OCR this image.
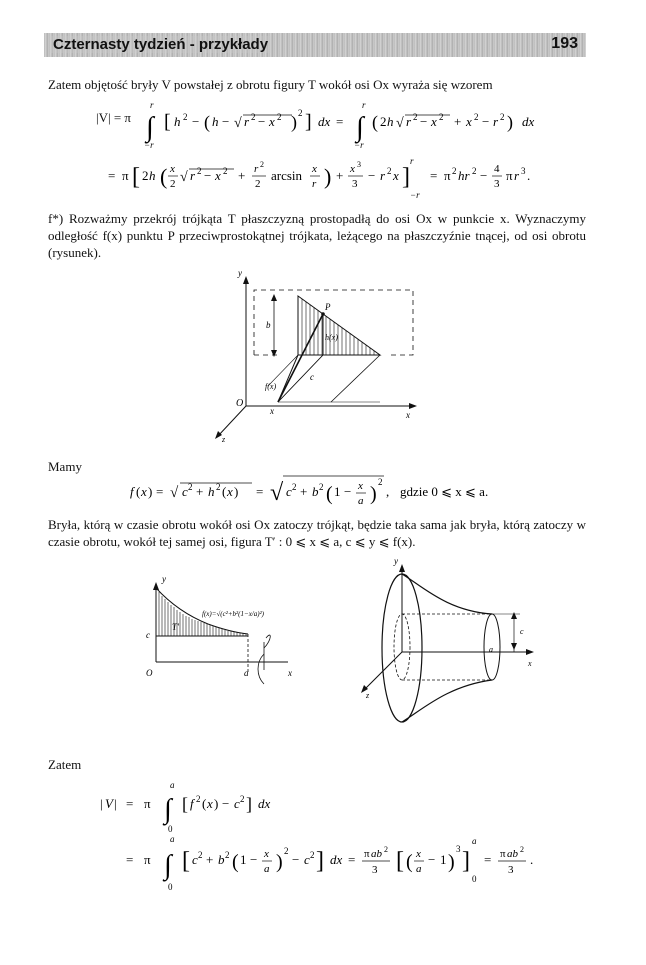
Czternasty tydzień - przykłady	193
Zatem objętość bryły V powstałej z obrotu figury T wokół osi Ox wyraża się wzorem
|V| = π
r
∫
−r
[ h 2 − ( h − √ r 2 − x 2 ) 2 ] dx =
r
∫
−r
( 2 h √ r 2 − x 2 + x 2 − r 2 ) dx
= π [ 2 h ( x
2 √ r 2 − x 2 + r 2
2
arcsin x
r ) + x 3
3
− r 2 x ]
r
−r
= π 2 hr 2 − 4
3
π r 3 .
f*) Rozważmy przekrój trójkąta T płaszczyzną prostopadłą do osi Ox w punkcie x. Wyznaczymy odległość f(x) punktu P przeciwprostokątnej trójkata, leżącego na płaszczyźnie tnącej, od osi obrotu (rysunek).
y
P
b
h(x)
c
f(x)
O
x	x
z
Mamy
f ( x ) = √ c 2 + h 2 ( x ) = √ c 2 + b 2 ( 1 − x
a )
2
, gdzie 0 ⩽ x ⩽ a.
Bryła, którą w czasie obrotu wokół osi Ox zatoczy trójkąt, będzie taka sama jak bryła, którą zatoczy w czasie obrotu, wokół tej samej osi, figura T′ : 0 ⩽ x ⩽ a, c ⩽ y ⩽ f(x).
y
T′
f(x)=√(c²+b²(1−x/a)²)
c
O	a	x
y
c
a
x
z
Zatem
| V | = π
a
∫
0
[ f 2 ( x ) − c 2 ] dx
= π
a
∫
0
[ c 2 + b 2 ( 1 − x
a ) 2
− c 2 ] dx = π ab 2
3 [ ( x
a
− 1 )
3 ]
a
0
= π ab 2
3
.
